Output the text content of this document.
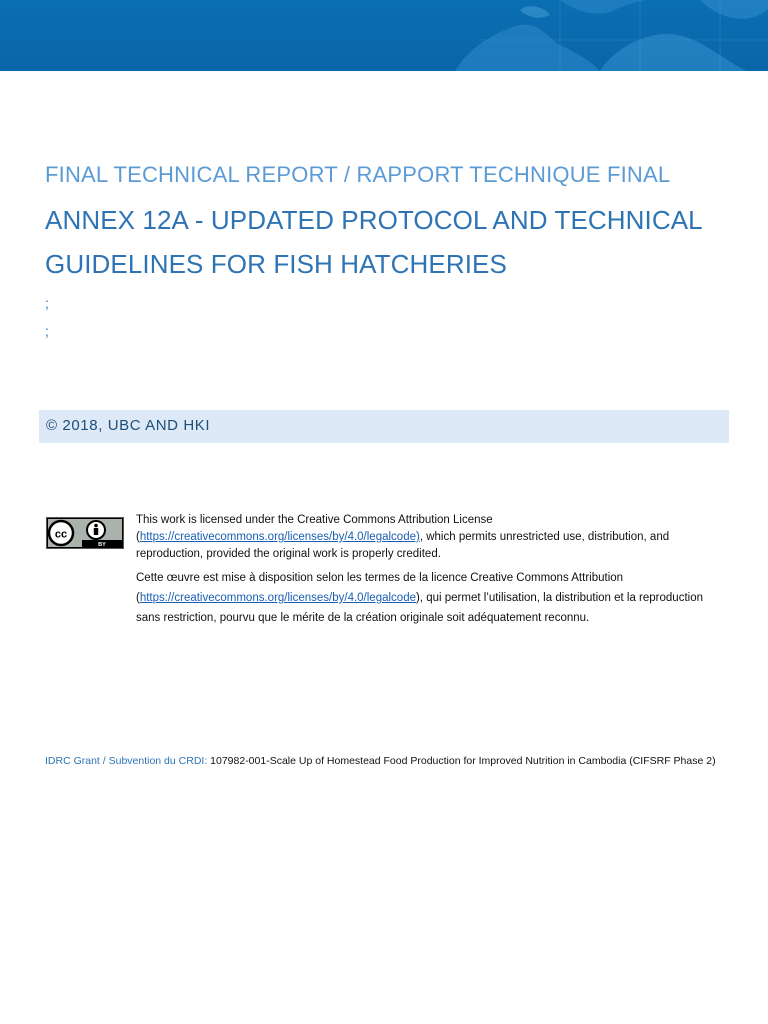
FINAL TECHNICAL REPORT / RAPPORT TECHNIQUE FINAL
ANNEX 12A - UPDATED PROTOCOL AND TECHNICAL GUIDELINES FOR FISH HATCHERIES
;
;
© 2018, UBC AND HKI
cc
BY

This work is licensed under the Creative Commons Attribution License (https://creativecommons.org/licenses/by/4.0/legalcode), which permits unrestricted use, distribution, and reproduction, provided the original work is properly credited.

Cette œuvre est mise à disposition selon les termes de la licence Creative Commons Attribution (https://creativecommons.org/licenses/by/4.0/legalcode), qui permet l’utilisation, la distribution et la reproduction sans restriction, pourvu que le mérite de la création originale soit adéquatement reconnu.

IDRC Grant / Subvention du CRDI: 107982-001-Scale Up of Homestead Food Production for Improved Nutrition in Cambodia (CIFSRF Phase 2)
